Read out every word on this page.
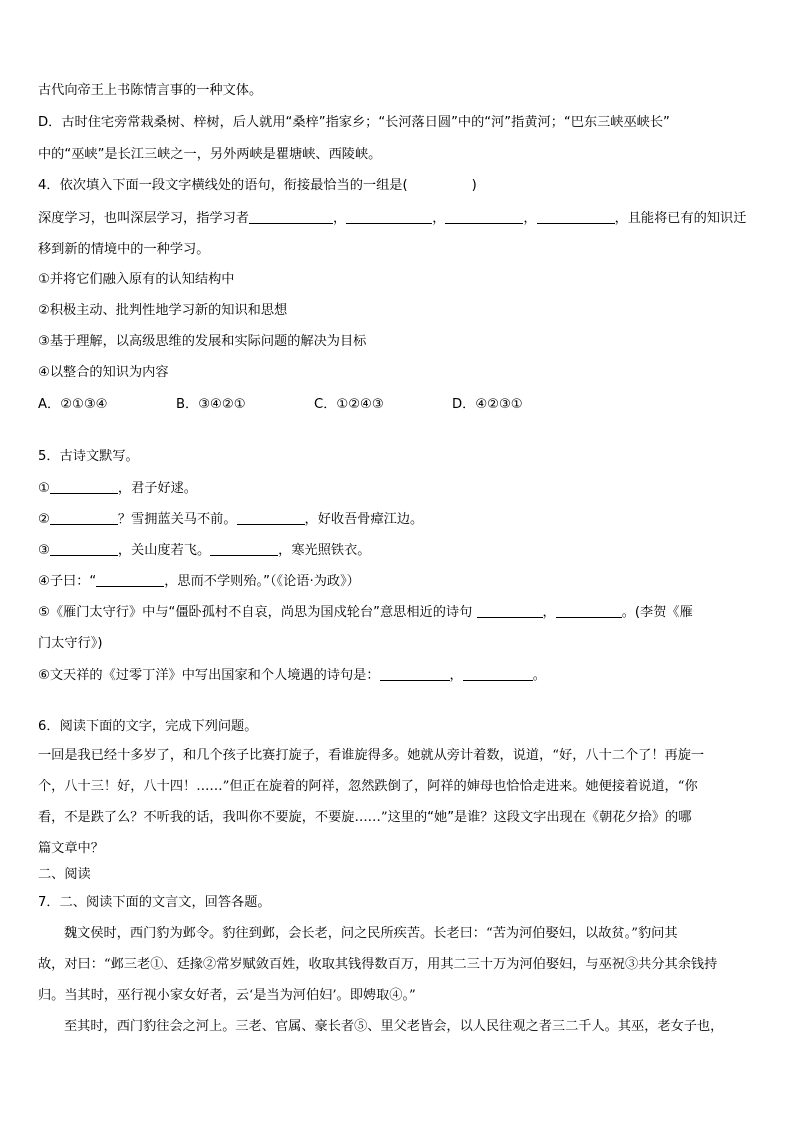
古代向帝王上书陈情言事的一种文体。
D．古时住宅旁常栽桑树、梓树，后人就用“桑梓”指家乡；“长河落日圆”中的“河”指黄河；“巴东三峡巫峡长”
中的“巫峡”是长江三峡之一，另外两峡是瞿塘峡、西陵峡。
4．依次填入下面一段文字横线处的语句，衔接最恰当的一组是(	)
深度学习，也叫深层学习，指学习者	，	，	，	，且能将已有的知识迁
移到新的情境中的一种学习。
①并将它们融入原有的认知结构中
②积极主动、批判性地学习新的知识和思想
③基于理解，以高级思维的发展和实际问题的解决为目标
④以整合的知识为内容
A．②①③④	B．③④②①	C．①②④③	D．④②③①
5．古诗文默写。
①	，君子好逑。
②	？雪拥蓝关马不前。	，好收吾骨瘴江边。
③	，关山度若飞。	，寒光照铁衣。
④子曰：“	，思而不学则殆。”（《论语·为政》）
⑤《雁门太守行》中与“僵卧孤村不自哀，尚思为国戍轮台”意思相近的诗句	，	。(李贺《雁
门太守行》)
⑥文天祥的《过零丁洋》中写出国家和个人境遇的诗句是：	，	。
6．阅读下面的文字，完成下列问题。
一回是我已经十多岁了，和几个孩子比赛打旋子，看谁旋得多。她就从旁计着数，说道，“好，八十二个了！再旋一
个，八十三！好，八十四！……”但正在旋着的阿祥，忽然跌倒了，阿祥的婶母也恰恰走进来。她便接着说道，“你
看，不是跌了么？不听我的话，我叫你不要旋，不要旋……”这里的“她”是谁？这段文字出现在《朝花夕拾》的哪
篇文章中？
二、阅读
7．二、阅读下面的文言文，回答各题。
魏文侯时，西门豹为邺令。豹往到邺，会长老，问之民所疾苦。长老曰：“苦为河伯娶妇，以故贫。”豹问其
故，对曰：“邺三老①、廷掾②常岁赋敛百姓，收取其钱得数百万，用其二三十万为河伯娶妇，与巫祝③共分其余钱持
归。当其时，巫行视小家女好者，云‘是当为河伯妇’。即娉取④。”
至其时，西门豹往会之河上。三老、官属、豪长者⑤、里父老皆会，以人民往观之者三二千人。其巫，老女子也，
